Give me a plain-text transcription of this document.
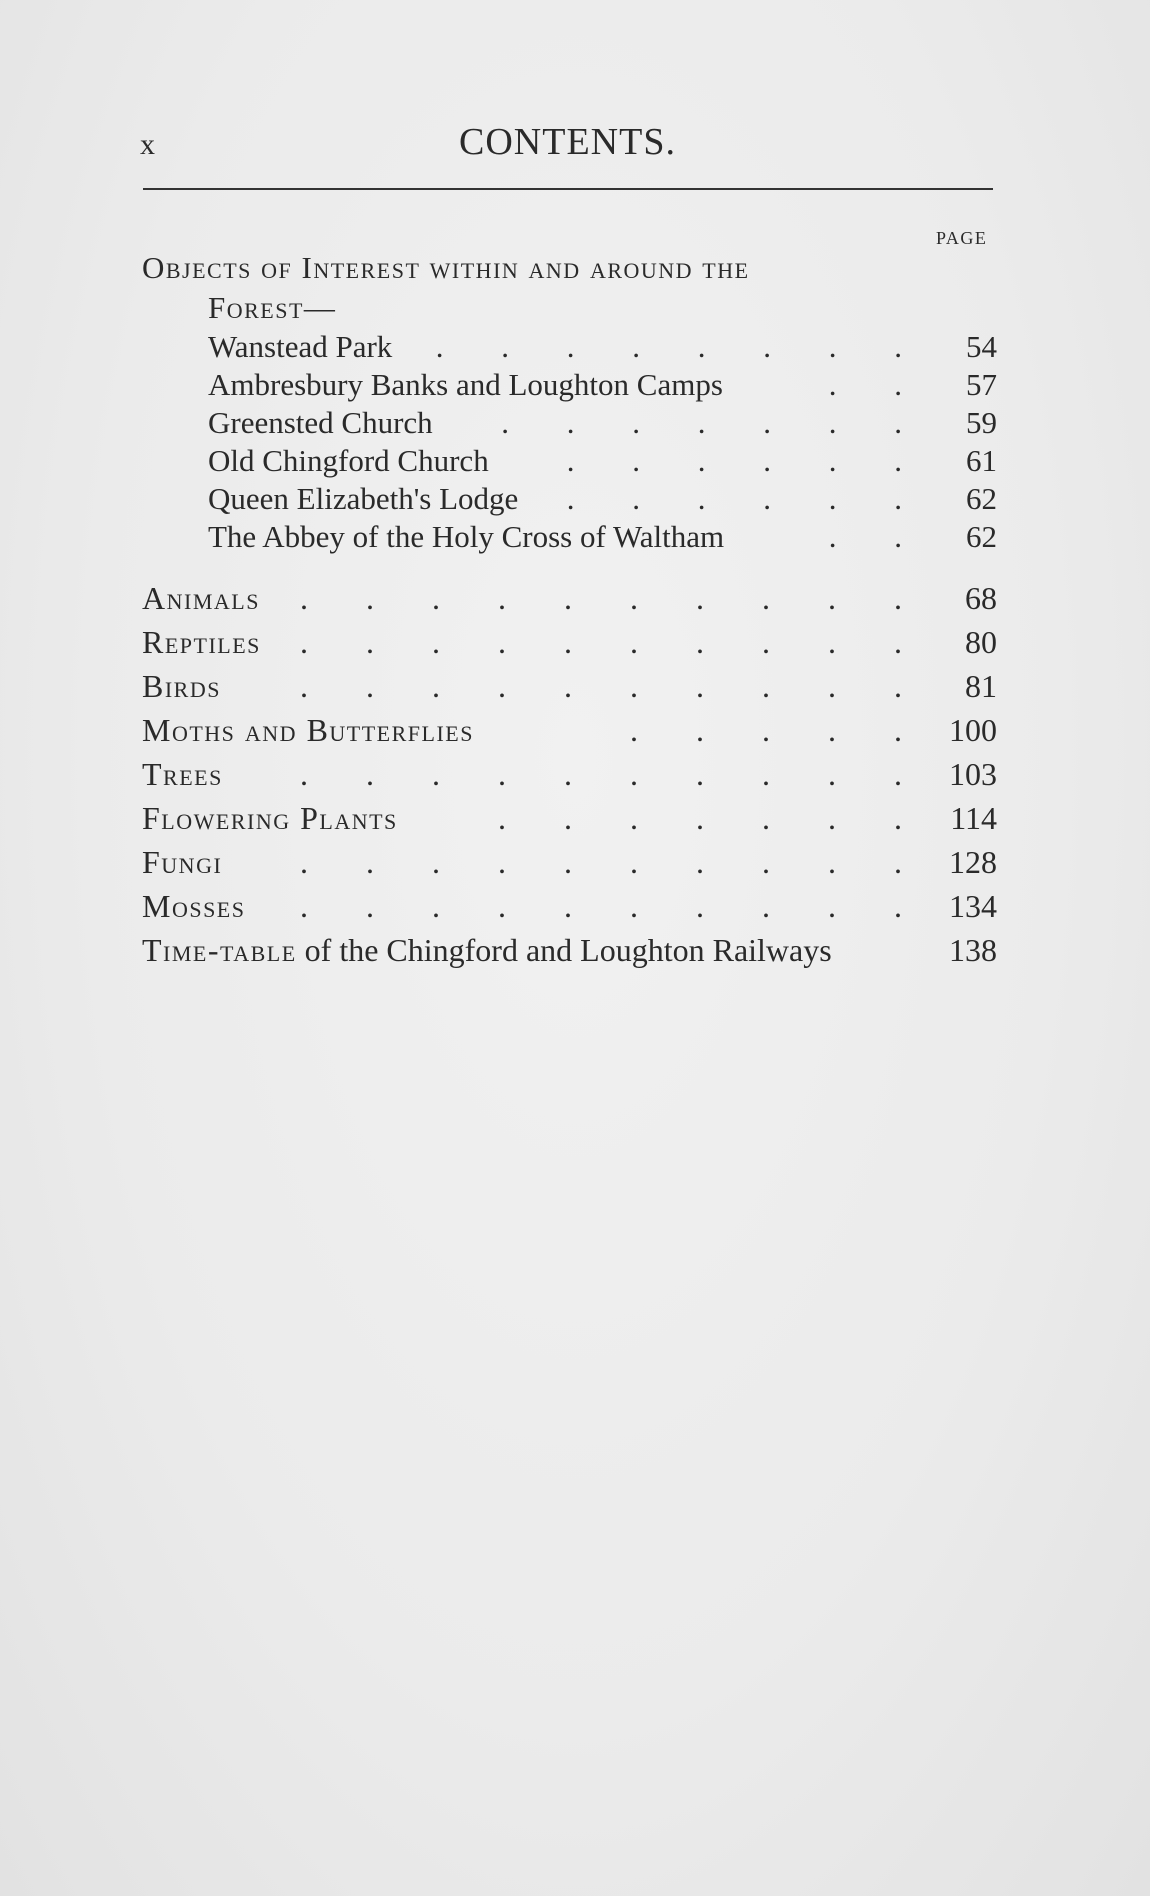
x	CONTENTS.
PAGE
Objects of Interest within and around the
Forest—
Wanstead Park . . . . . . . . 54
Ambresbury Banks and Loughton Camps	. . 57
Greensted Church . . . . . . . 59
Old Chingford Church	. . . . . . 61
Queen Elizabeth's Lodge . . . . . . 62
The Abbey of the Holy Cross of Waltham	. . 62
Animals . . . . . . . . . . 68
Reptiles . . . . . . . . . . 80
Birds . . . . . . . . . . 81
Moths and Butterflies	. . . . . 100
Trees . . . . . . . . . . 103
Flowering Plants	. . . . . . . 114
Fungi . . . . . . . . . . 128
Mosses . . . . . . . . . . 134
Time-table of the Chingford and Loughton Railways	138
